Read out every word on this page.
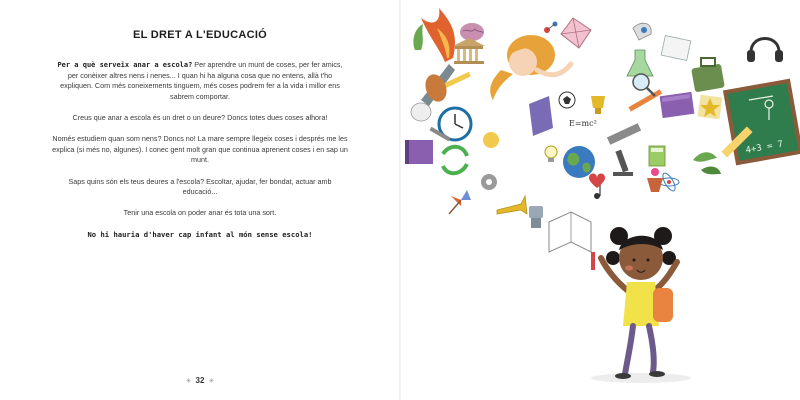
EL DRET A L'EDUCACIÓ

Per a què serveix anar a escola? Per aprendre un munt de coses, per fer amics, per conèixer altres nens i nenes... I quan hi ha alguna cosa que no entens, allà t'ho expliquen. Com més coneixements tinguem, més coses podrem fer a la vida i millor ens sabrem comportar.

Creus que anar a escola és un dret o un deure? Doncs totes dues coses alhora!

Només estudiem quan som nens? Doncs no! La mare sempre llegeix coses i després me les explica (si més no, algunes). I conec gent molt gran que continua aprenent coses i en sap un munt.

Saps quins són els teus deures a l'escola? Escoltar, ajudar, fer bondat, actuar amb educació...

Tenir una escola on poder anar és tota una sort.

No hi hauria d'haver cap infant al món sense escola!

✳ 32 ✳
4+3 = 7
E=mc²
